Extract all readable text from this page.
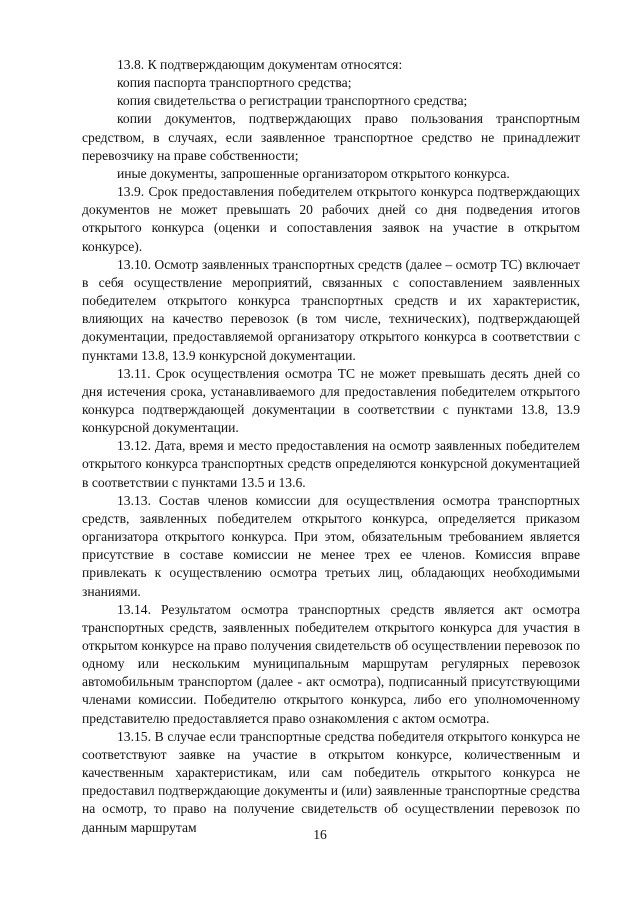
13.8. К подтверждающим документам относятся:

копия паспорта транспортного средства;

копия свидетельства о регистрации транспортного средства;

копии документов, подтверждающих право пользования транспортным средством, в случаях, если заявленное транспортное средство не принадлежит перевозчику на праве собственности;

иные документы, запрошенные организатором открытого конкурса.

13.9. Срок предоставления победителем открытого конкурса подтверждающих документов не может превышать 20 рабочих дней со дня подведения итогов открытого конкурса (оценки и сопоставления заявок на участие в открытом конкурсе).

13.10. Осмотр заявленных транспортных средств (далее – осмотр ТС) включает в себя осуществление мероприятий, связанных с сопоставлением заявленных победителем открытого конкурса транспортных средств и их характеристик, влияющих на качество перевозок (в том числе, технических), подтверждающей документации, предоставляемой организатору открытого конкурса в соответствии с пунктами 13.8, 13.9 конкурсной документации.

13.11. Срок осуществления осмотра ТС не может превышать десять дней со дня истечения срока, устанавливаемого для предоставления победителем открытого конкурса подтверждающей документации в соответствии с пунктами 13.8, 13.9 конкурсной документации.

13.12. Дата, время и место предоставления на осмотр заявленных победителем открытого конкурса транспортных средств определяются конкурсной документацией в соответствии с пунктами 13.5 и 13.6.

13.13. Состав членов комиссии для осуществления осмотра транспортных средств, заявленных победителем открытого конкурса, определяется приказом организатора открытого конкурса. При этом, обязательным требованием является присутствие в составе комиссии не менее трех ее членов. Комиссия вправе привлекать к осуществлению осмотра третьих лиц, обладающих необходимыми знаниями.

13.14. Результатом осмотра транспортных средств является акт осмотра транспортных средств, заявленных победителем открытого конкурса для участия в открытом конкурсе на право получения свидетельств об осуществлении перевозок по одному или нескольким муниципальным маршрутам регулярных перевозок автомобильным транспортом (далее - акт осмотра), подписанный присутствующими членами комиссии. Победителю открытого конкурса, либо его уполномоченному представителю предоставляется право ознакомления с актом осмотра.

13.15. В случае если транспортные средства победителя открытого конкурса не соответствуют заявке на участие в открытом конкурсе, количественным и качественным характеристикам, или сам победитель открытого конкурса не предоставил подтверждающие документы и (или) заявленные транспортные средства на осмотр, то право на получение свидетельств об осуществлении перевозок по данным маршрутам	16
